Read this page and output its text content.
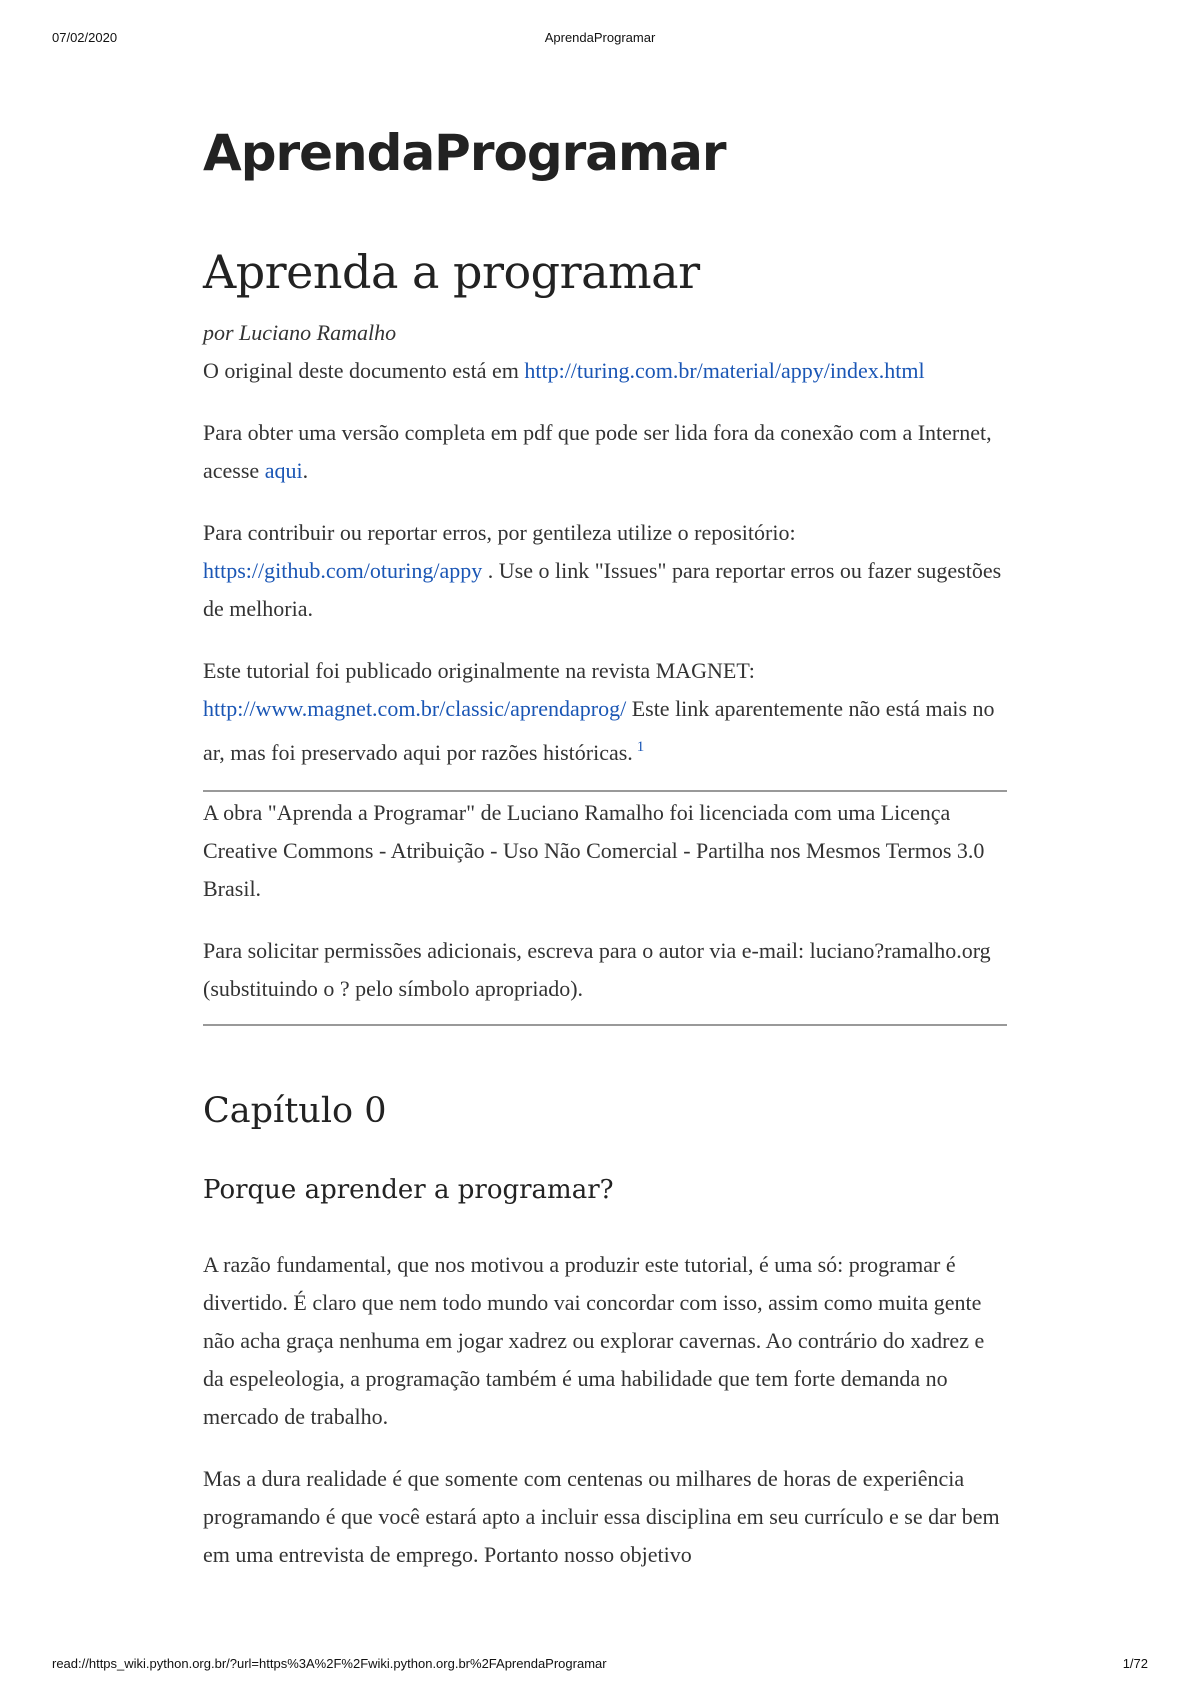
07/02/2020	AprendaProgramar
AprendaProgramar
Aprenda a programar
por Luciano Ramalho

O original deste documento está em http://turing.com.br/material/appy/index.html

Para obter uma versão completa em pdf que pode ser lida fora da conexão com a Internet, acesse aqui.

Para contribuir ou reportar erros, por gentileza utilize o repositório:
https://github.com/oturing/appy . Use o link "Issues" para reportar erros ou fazer sugestões de melhoria.

Este tutorial foi publicado originalmente na revista MAGNET:
http://www.magnet.com.br/classic/aprendaprog/ Este link aparentemente não está mais no ar, mas foi preservado aqui por razões históricas. $^1$

A obra "Aprenda a Programar" de Luciano Ramalho foi licenciada com uma Licença Creative Commons - Atribuição - Uso Não Comercial - Partilha nos Mesmos Termos 3.0 Brasil.

Para solicitar permissões adicionais, escreva para o autor via e-mail: luciano?ramalho.org (substituindo o ? pelo símbolo apropriado).

Capítulo 0
Porque aprender a programar?

A razão fundamental, que nos motivou a produzir este tutorial, é uma só: programar é divertido. É claro que nem todo mundo vai concordar com isso, assim como muita gente não acha graça nenhuma em jogar xadrez ou explorar cavernas. Ao contrário do xadrez e da espeleologia, a programação também é uma habilidade que tem forte demanda no mercado de trabalho.

Mas a dura realidade é que somente com centenas ou milhares de horas de experiência programando é que você estará apto a incluir essa disciplina em seu currículo e se dar bem em uma entrevista de emprego. Portanto nosso objetivo

read://https_wiki.python.org.br/?url=https%3A%2F%2Fwiki.python.org.br%2FAprendaProgramar	1/72
